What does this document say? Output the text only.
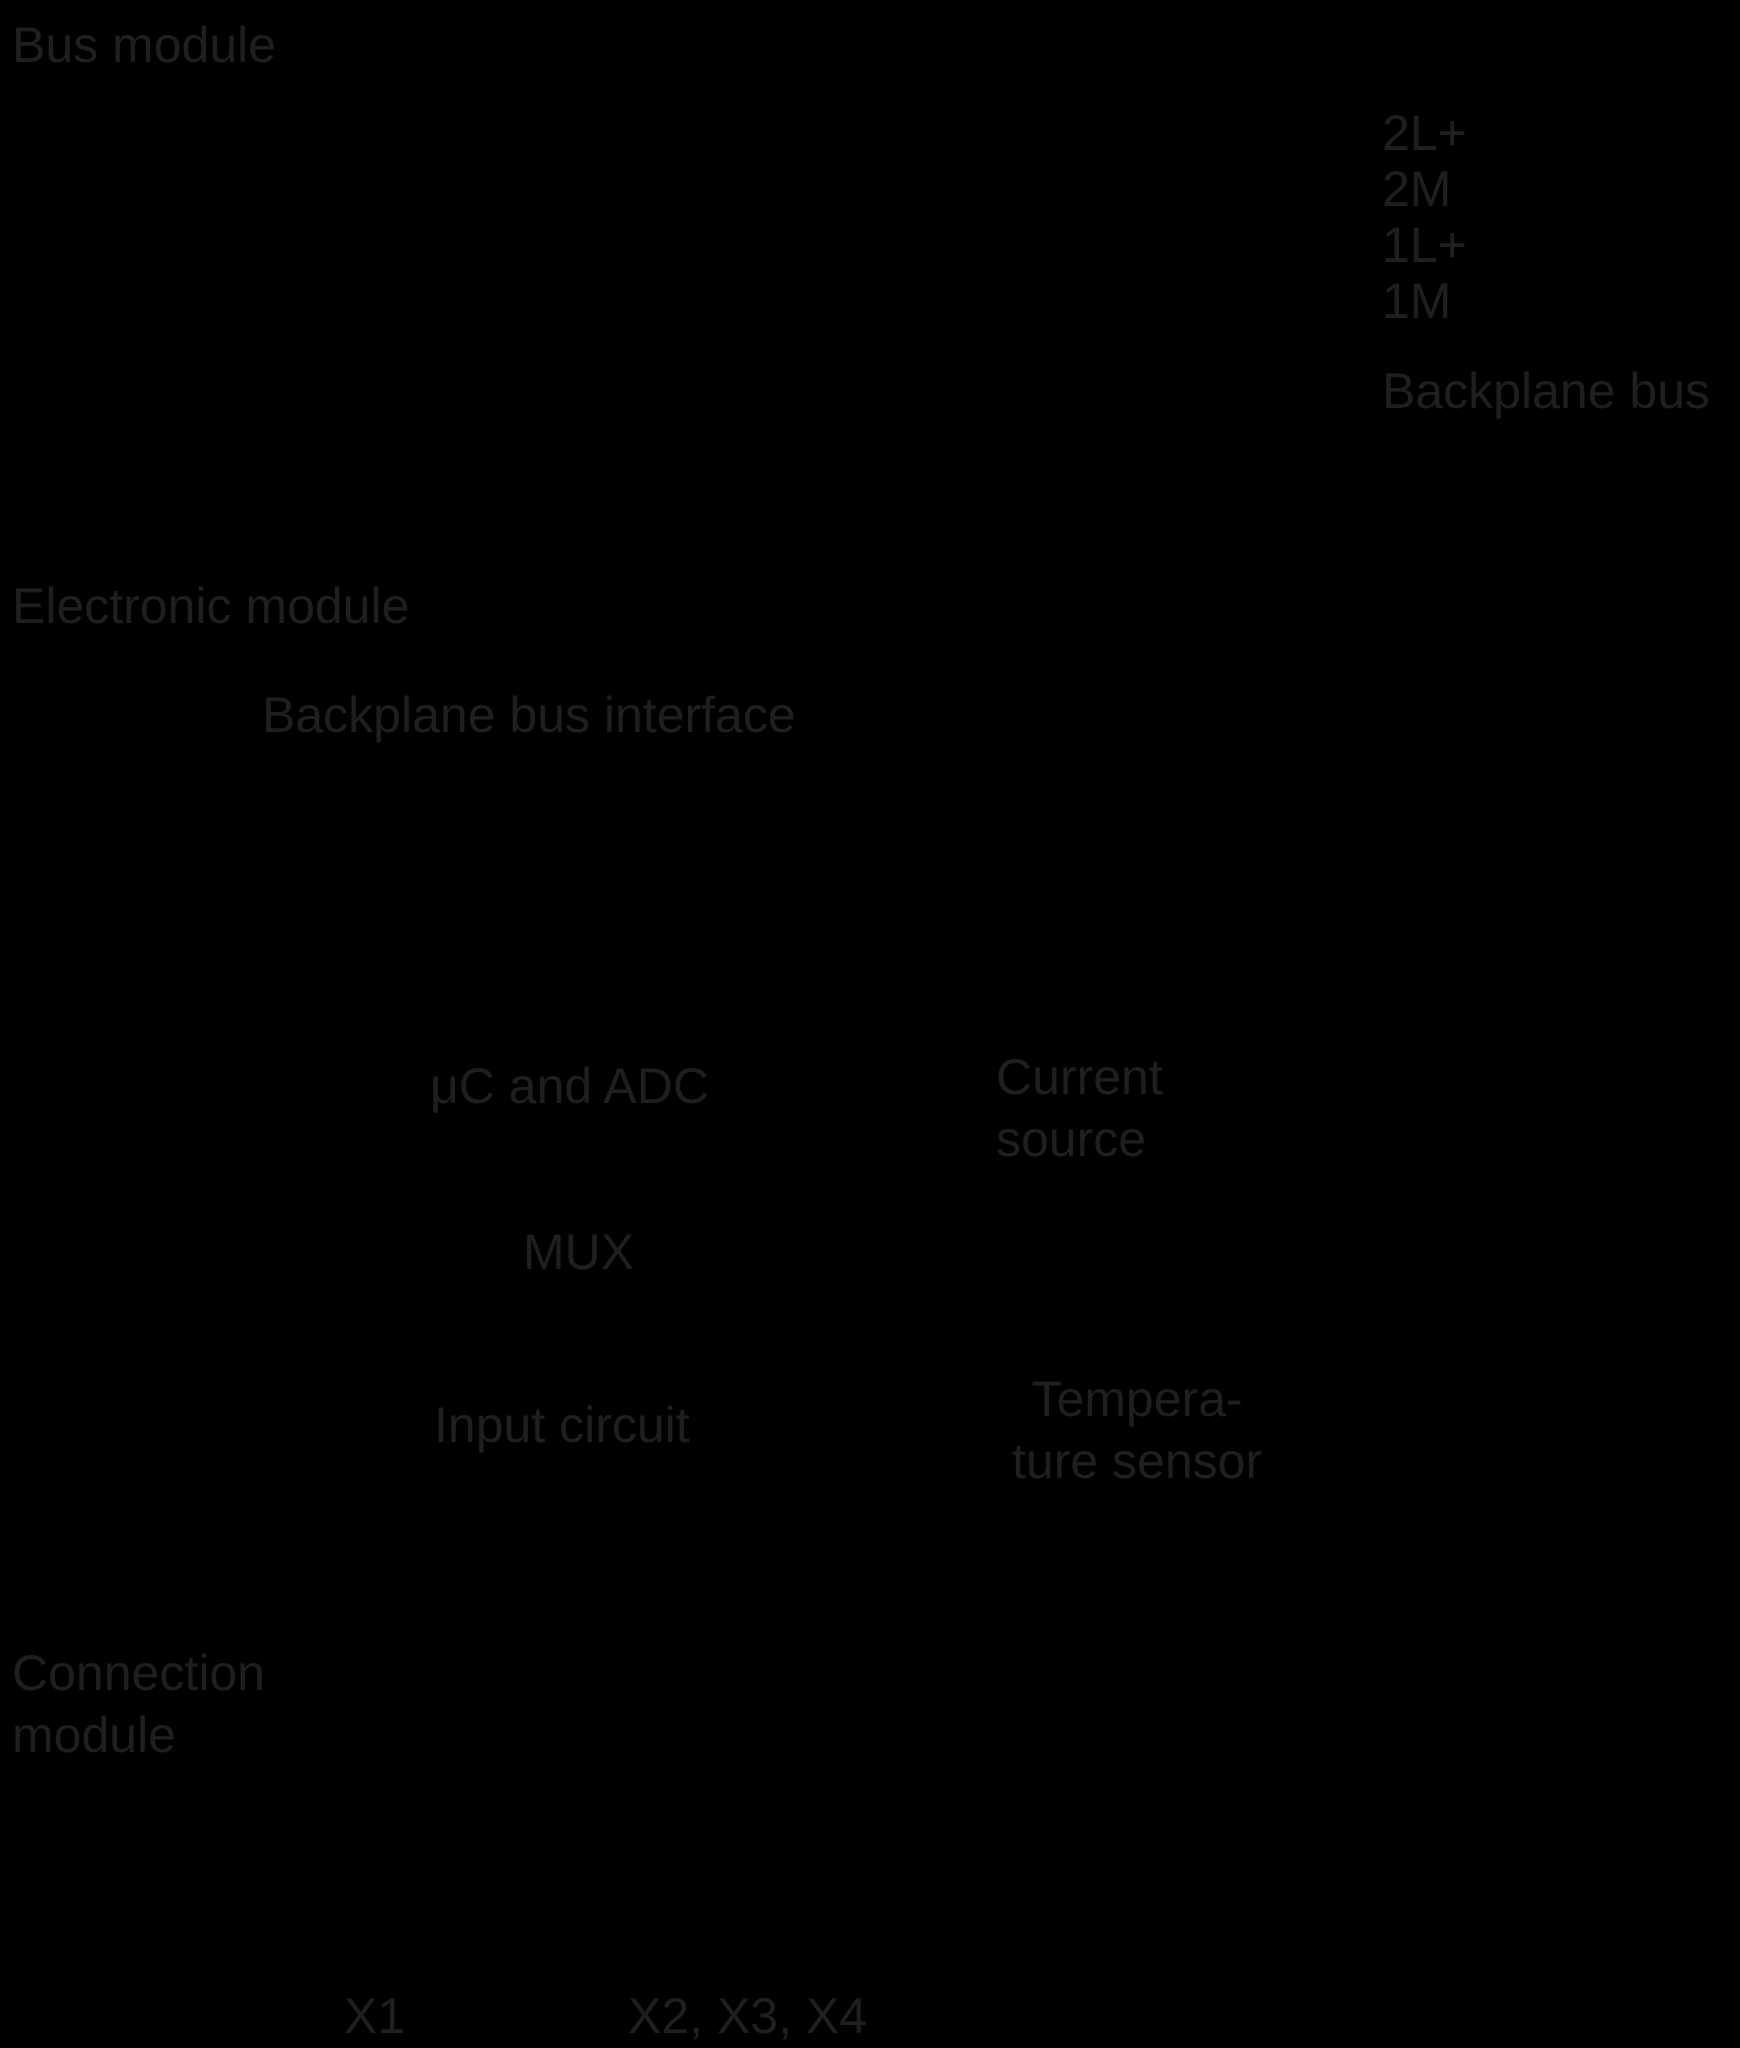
Bus module
2L+
2M
1L+
1M
Backplane bus
Electronic module
Backplane bus interface
μC and ADC	Current
source
MUX
Input circuit	Tempera-
ture sensor
Connection
module
X1	X2, X3, X4
